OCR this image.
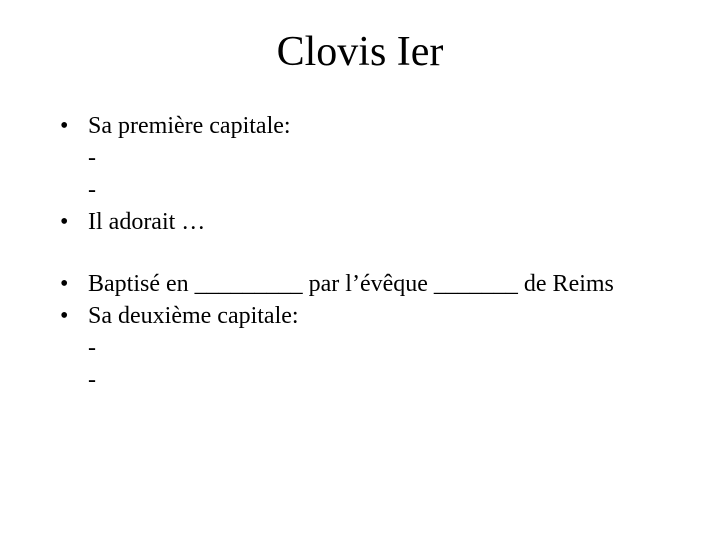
Clovis Ier
• Sa première capitale:
-
-
• Il adorait …
• Baptisé en _________ par l’évêque _______ de Reims
• Sa deuxième capitale:
-
-
